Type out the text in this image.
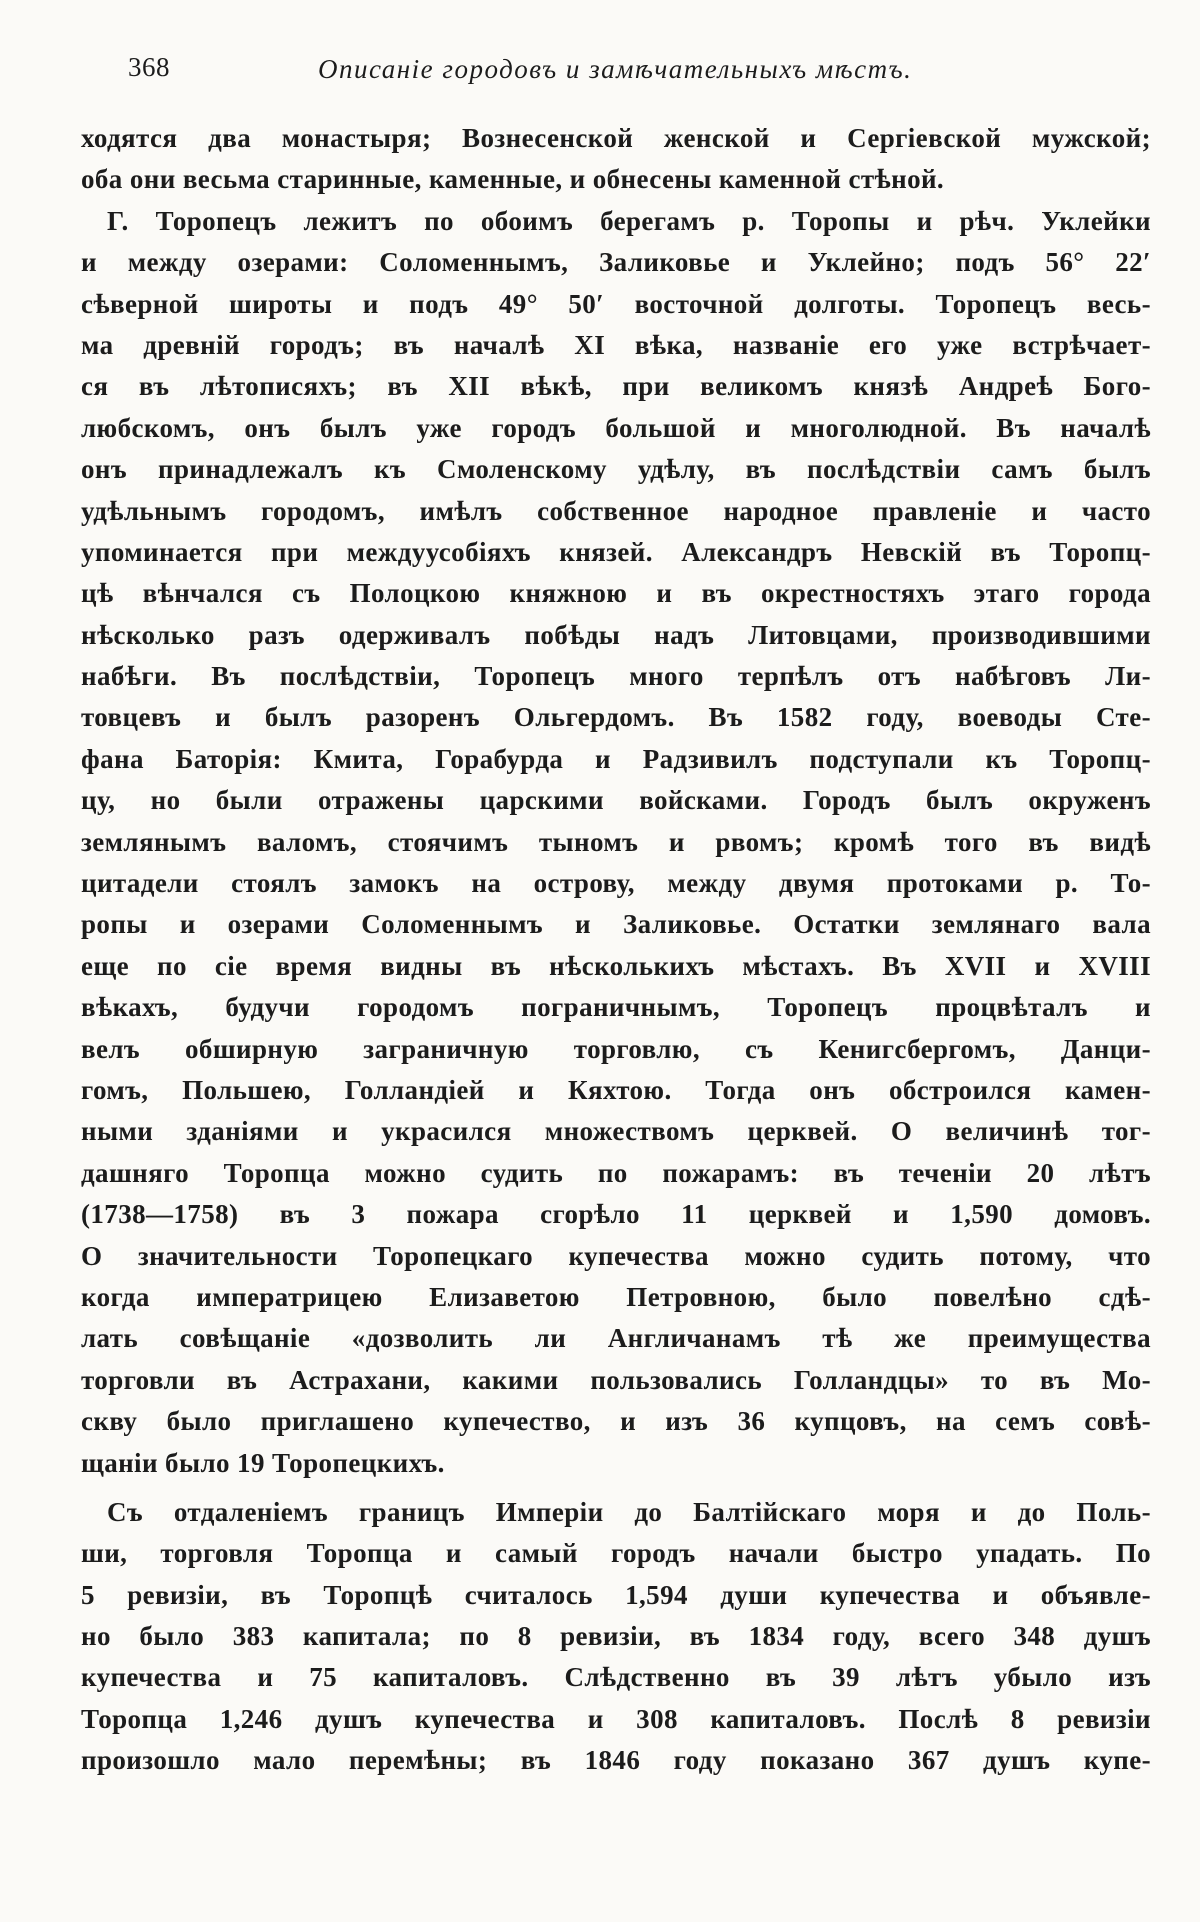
368	Описаніе городовъ и замѣчательныхъ мѣстъ.
ходятся два монастыря; Вознесенской женской и Сергіевской мужской;
оба они весьма старинные, каменные, и обнесены каменной стѣной.
Г. Торопецъ лежитъ по обоимъ берегамъ р. Торопы и рѣч. Уклейки
и между озерами: Соломеннымъ, Заликовье и Уклейно; подъ 56° 22′
сѣверной широты и подъ 49° 50′ восточной долготы. Торопецъ весь-
ма древній городъ; въ началѣ XI вѣка, названіе его уже встрѣчает-
ся въ лѣтописяхъ; въ XII вѣкѣ, при великомъ князѣ Андреѣ Бого-
любскомъ, онъ былъ уже городъ большой и многолюдной. Въ началѣ
онъ принадлежалъ къ Смоленскому удѣлу, въ послѣдствіи самъ былъ
удѣльнымъ городомъ, имѣлъ собственное народное правленіе и часто
упоминается при междуусобіяхъ князей. Александръ Невскій въ Торопц-
цѣ вѣнчался съ Полоцкою княжною и въ окрестностяхъ этаго города
нѣсколько разъ одерживалъ побѣды надъ Литовцами, производившими
набѣги. Въ послѣдствіи, Торопецъ много терпѣлъ отъ набѣговъ Ли-
товцевъ и былъ разоренъ Ольгердомъ. Въ 1582 году, воеводы Сте-
фана Баторія: Кмита, Горабурда и Радзивилъ подступали къ Торопц-
цу, но были отражены царскими войсками. Городъ былъ окруженъ
землянымъ валомъ, стоячимъ тыномъ и рвомъ; кромѣ того въ видѣ
цитадели стоялъ замокъ на острову, между двумя протоками р. То-
ропы и озерами Соломеннымъ и Заликовье. Остатки землянаго вала
еще по сіе время видны въ нѣсколькихъ мѣстахъ. Въ XVII и XVIII
вѣкахъ, будучи городомъ пограничнымъ, Торопецъ процвѣталъ и
велъ обширную заграничную торговлю, съ Кенигсбергомъ, Данци-
гомъ, Польшею, Голландіей и Кяхтою. Тогда онъ обстроился камен-
ными зданіями и украсился множествомъ церквей. О величинѣ тог-
дашняго Торопца можно судить по пожарамъ: въ теченіи 20 лѣтъ
(1738—1758) въ 3 пожара сгорѣло 11 церквей и 1,590 домовъ.
О значительности Торопецкаго купечества можно судить потому, что
когда императрицею Елизаветою Петровною, было повелѣно сдѣ-
лать совѣщаніе «дозволить ли Англичанамъ тѣ же преимущества
торговли въ Астрахани, какими пользовались Голландцы» то въ Мо-
скву было приглашено купечество, и изъ 36 купцовъ, на семъ совѣ-
щаніи было 19 Торопецкихъ.
Съ отдаленіемъ границъ Имперіи до Балтійскаго моря и до Поль-
ши, торговля Торопца и самый городъ начали быстро упадать. По
5 ревизіи, въ Торопцѣ считалось 1,594 души купечества и объявле-
но было 383 капитала; по 8 ревизіи, въ 1834 году, всего 348 душъ
купечества и 75 капиталовъ. Слѣдственно въ 39 лѣтъ убыло изъ
Торопца 1,246 душъ купечества и 308 капиталовъ. Послѣ 8 ревизіи
произошло мало перемѣны; въ 1846 году показано 367 душъ купе-
